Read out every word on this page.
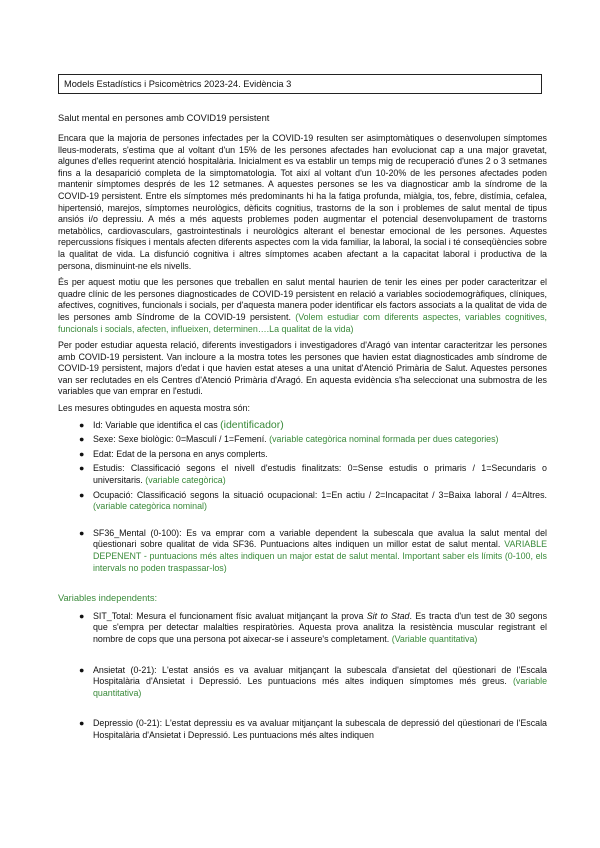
Models Estadístics i Psicomètrics 2023-24. Evidència 3
Salut mental en persones amb COVID19 persistent

Encara que la majoria de persones infectades per la COVID-19 resulten ser asimptomàtiques o desenvolupen símptomes lleus-moderats, s'estima que al voltant d'un 15% de les persones afectades han evolucionat cap a una major gravetat, algunes d'elles requerint atenció hospitalària. Inicialment es va establir un temps mig de recuperació d'unes 2 o 3 setmanes fins a la desaparició completa de la simptomatologia. Tot així al voltant d'un 10-20% de les persones afectades poden mantenir símptomes després de les 12 setmanes. A aquestes persones se les va diagnosticar amb la síndrome de la COVID-19 persistent. Entre els símptomes més predominants hi ha la fatiga profunda, miàlgia, tos, febre, distímia, cefalea, hipertensió, marejos, símptomes neurològics, dèficits cognitius, trastorns de la son i problemes de salut mental de tipus ansiós i/o depressiu. A més a més aquests problemes poden augmentar el potencial desenvolupament de trastorns metabòlics, cardiovasculars, gastrointestinals i neurològics alterant el benestar emocional de les persones. Aquestes repercussions físiques i mentals afecten diferents aspectes com la vida familiar, la laboral, la social i té conseqüències sobre la qualitat de vida. La disfunció cognitiva i altres símptomes acaben afectant a la capacitat laboral i productiva de la persona, disminuint-ne els nivells.

És per aquest motiu que les persones que treballen en salut mental haurien de tenir les eines per poder caracteritzar el quadre clínic de les persones diagnosticades de COVID-19 persistent en relació a variables sociodemogràfiques, clíniques, afectives, cognitives, funcionals i socials, per d'aquesta manera poder identificar els factors associats a la qualitat de vida de les persones amb Síndrome de la COVID-19 persistent. (Volem estudiar com diferents aspectes, variables cognitives, funcionals i socials, afecten, influeixen, determinen….La qualitat de la vida)

Per poder estudiar aquesta relació, diferents investigadors i investigadores d'Aragó van intentar caracteritzar les persones amb COVID-19 persistent. Van incloure a la mostra totes les persones que havien estat diagnosticades amb síndrome de COVID-19 persistent, majors d'edat i que havien estat ateses a una unitat d'Atenció Primària de Salut. Aquestes persones van ser reclutades en els Centres d'Atenció Primària d'Aragó. En aquesta evidència s'ha seleccionat una submostra de les variables que van emprar en l'estudi.

Les mesures obtingudes en aquesta mostra són:

● Id: Variable que identifica el cas (identificador)
● Sexe: Sexe biològic: 0=Masculí / 1=Femení. (variable categòrica nominal formada per dues categories)
● Edat: Edat de la persona en anys complerts.
● Estudis: Classificació segons el nivell d'estudis finalitzats: 0=Sense estudis o primaris / 1=Secundaris o universitaris. (variable categòrica)
● Ocupació: Classificació segons la situació ocupacional: 1=En actiu / 2=Incapacitat / 3=Baixa laboral / 4=Altres. (variable categòrica nominal)
● SF36_Mental (0-100): Es va emprar com a variable dependent la subescala que avalua la salut mental del qüestionari sobre qualitat de vida SF36. Puntuacions altes indiquen un millor estat de salut mental. VARIABLE DEPENENT - puntuacions més altes indiquen un major estat de salut mental. Important saber els límits (0-100, els intervals no poden traspassar-los)
Variables independents:
● SIT_Total: Mesura el funcionament físic avaluat mitjançant la prova Sit to Stad. Es tracta d'un test de 30 segons que s'empra per detectar malalties respiratòries. Aquesta prova analitza la resistència muscular registrant el nombre de cops que una persona pot aixecar-se i asseure's completament. (Variable quantitativa)
● Ansietat (0-21): L'estat ansiós es va avaluar mitjançant la subescala d'ansietat del qüestionari de l'Escala Hospitalària d'Ansietat i Depressió. Les puntuacions més altes indiquen símptomes més greus. (variable quantitativa)
● Depressio (0-21): L'estat depressiu es va avaluar mitjançant la subescala de depressió del qüestionari de l'Escala Hospitalària d'Ansietat i Depressió. Les puntuacions més altes indiquen
